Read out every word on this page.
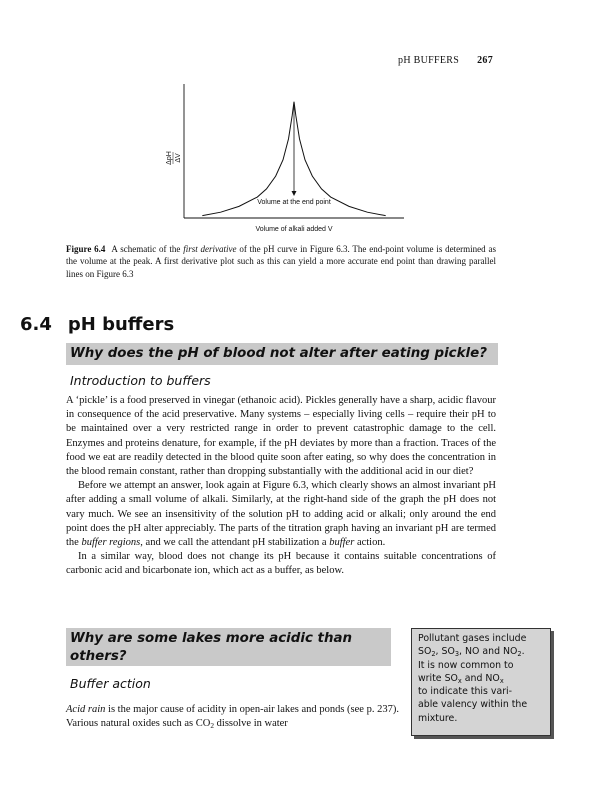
pH BUFFERS 267
Volume at the end point
Volume of alkali added V
ΔpH ΔV
Figure 6.4 A schematic of the first derivative of the pH curve in Figure 6.3. The end-point volume is determined as the volume at the peak. A first derivative plot such as this can yield a more accurate end point than drawing parallel lines on Figure 6.3
6.4 pH buffers
Why does the pH of blood not alter after eating pickle?
Introduction to buffers

A ‘pickle’ is a food preserved in vinegar (ethanoic acid). Pickles generally have a sharp, acidic flavour in consequence of the acid preservative. Many systems – especially living cells – require their pH to be maintained over a very restricted range in order to prevent catastrophic damage to the cell. Enzymes and proteins denature, for example, if the pH deviates by more than a fraction. Traces of the food we eat are readily detected in the blood quite soon after eating, so why does the concentration in the blood remain constant, rather than dropping substantially with the additional acid in our diet?

Before we attempt an answer, look again at Figure 6.3, which clearly shows an almost invariant pH after adding a small volume of alkali. Similarly, at the right-hand side of the graph the pH does not vary much. We see an insensitivity of the solution pH to adding acid or alkali; only around the end point does the pH alter appreciably. The parts of the titration graph having an invariant pH are termed the buffer regions, and we call the attendant pH stabilization a buffer action.

In a similar way, blood does not change its pH because it contains suitable concentrations of carbonic acid and bicarbonate ion, which act as a buffer, as below.

Why are some lakes more acidic than others?
Buffer action
Acid rain is the major cause of acidity in open-air lakes and ponds (see p. 237). Various natural oxides such as $CO_2$ dissolve in water
Pollutant gases include
$SO_2$, $SO_3$, NO and $NO_2$.
It is now common to
write $SO_x$ and $NO_x$
to indicate this vari-
able valency within the
mixture.
